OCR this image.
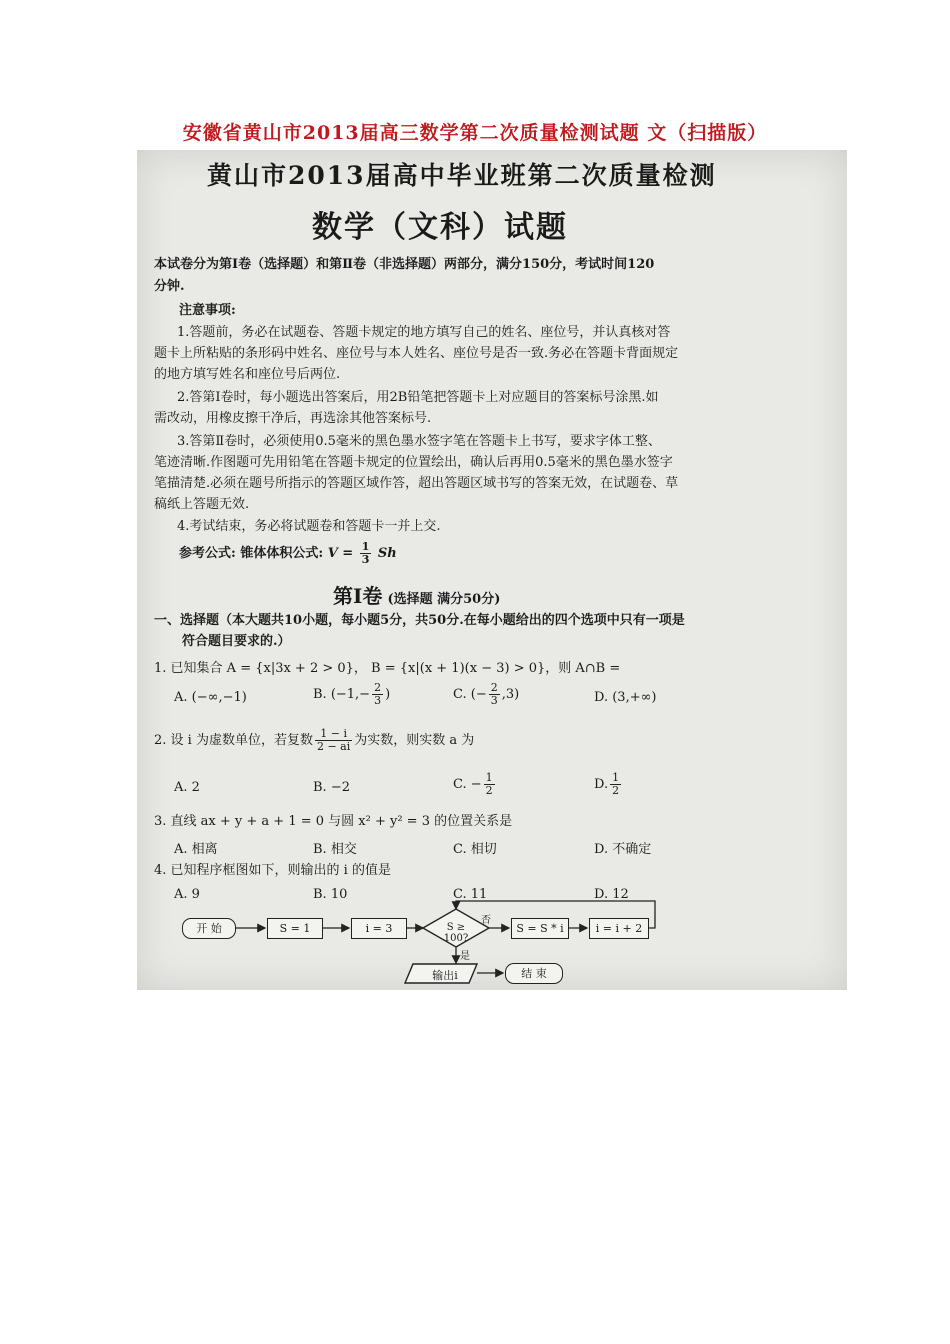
安徽省黄山市2013届高三数学第二次质量检测试题 文（扫描版）
黄山市2013届高中毕业班第二次质量检测
数学（文科）试题
本试卷分为第Ⅰ卷（选择题）和第Ⅱ卷（非选择题）两部分，满分150分，考试时间120
分钟.
注意事项:
1.答题前，务必在试题卷、答题卡规定的地方填写自己的姓名、座位号，并认真核对答
题卡上所粘贴的条形码中姓名、座位号与本人姓名、座位号是否一致.务必在答题卡背面规定
的地方填写姓名和座位号后两位.
2.答第Ⅰ卷时，每小题选出答案后，用2B铅笔把答题卡上对应题目的答案标号涂黑.如
需改动，用橡皮擦干净后，再选涂其他答案标号.
3.答第Ⅱ卷时，必须使用0.5毫米的黑色墨水签字笔在答题卡上书写，要求字体工整、
笔迹清晰.作图题可先用铅笔在答题卡规定的位置绘出，确认后再用0.5毫米的黑色墨水签字
笔描清楚.必须在题号所指示的答题区域作答，超出答题区域书写的答案无效，在试题卷、草
稿纸上答题无效.
4.考试结束，务必将试题卷和答题卡一并上交.
参考公式: 锥体体积公式: $V = \frac{1}{3}$ Sh
第Ⅰ卷 (选择题 满分50分)
一、选择题（本大题共10小题，每小题5分，共50分.在每小题给出的四个选项中只有一项是
符合题目要求的.）
1. 已知集合 A = {x|3x + 2 > 0}， B = {x|(x + 1)(x − 3) > 0}，则 A∩B =
A. (−∞,−1)	B. ($-1,- \frac{2}{3}$ )	C. (− $\frac{2}{3} ,3$)	D. (3,+∞)
2. 设 i 为虚数单位，若复数 $\frac{1 - i}{2 - ai}$ 为实数，则实数 a 为
A. 2	B. −2	C. − $\frac{1}{2}$	D. $\frac{1}{2}$
3. 直线 ax + y + a + 1 = 0 与圆 x² + y² = 3 的位置关系是
A. 相离	B. 相交	C. 相切	D. 不确定
4. 已知程序框图如下，则输出的 i 的值是
A. 9	B. 10	C. 11	D. 12
开 始	S = 1	i = 3	S ≥ 100?
否
是
S = S * i	i = i + 2
输出i	结 束
